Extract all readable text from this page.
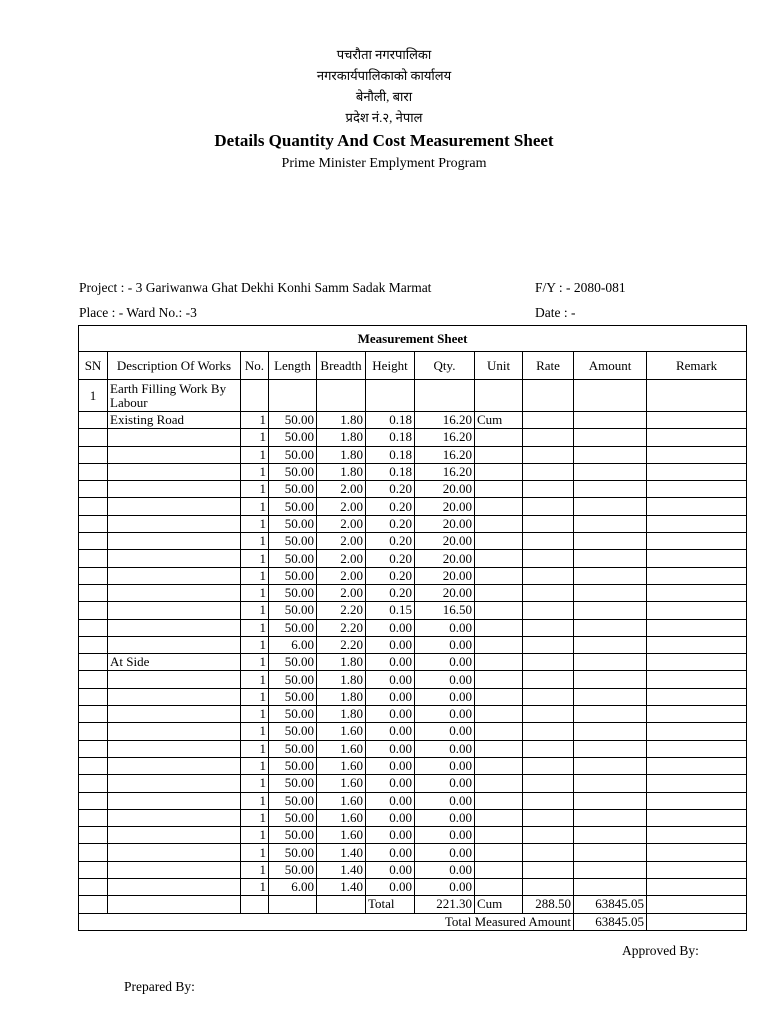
पचरौता नगरपालिका
नगरकार्यपालिकाको कार्यालय
बेनौली, बारा
प्रदेश नं.२, नेपाल
Details Quantity And Cost Measurement Sheet
Prime Minister Emplyment Program
Project : - 3 Gariwanwa Ghat Dekhi Konhi Samm Sadak Marmat	F/Y : - 2080-081
Place : - Ward No.: -3	Date : -
Measurement Sheet										
SN	Description Of Works	No.	Length	Breadth	Height	Qty.	Unit	Rate	Amount	Remark
1	Earth Filling Work By Labour									
	Existing Road	1	50.00	1.80	0.18	16.20	Cum			
		1	50.00	1.80	0.18	16.20				
		1	50.00	1.80	0.18	16.20				
		1	50.00	1.80	0.18	16.20				
		1	50.00	2.00	0.20	20.00				
		1	50.00	2.00	0.20	20.00				
		1	50.00	2.00	0.20	20.00				
		1	50.00	2.00	0.20	20.00				
		1	50.00	2.00	0.20	20.00				
		1	50.00	2.00	0.20	20.00				
		1	50.00	2.00	0.20	20.00				
		1	50.00	2.20	0.15	16.50				
		1	50.00	2.20	0.00	0.00				
		1	6.00	2.20	0.00	0.00				
	At Side	1	50.00	1.80	0.00	0.00				
		1	50.00	1.80	0.00	0.00				
		1	50.00	1.80	0.00	0.00				
		1	50.00	1.80	0.00	0.00				
		1	50.00	1.60	0.00	0.00				
		1	50.00	1.60	0.00	0.00				
		1	50.00	1.60	0.00	0.00				
		1	50.00	1.60	0.00	0.00				
		1	50.00	1.60	0.00	0.00				
		1	50.00	1.60	0.00	0.00				
		1	50.00	1.60	0.00	0.00				
		1	50.00	1.40	0.00	0.00				
		1	50.00	1.40	0.00	0.00				
		1	6.00	1.40	0.00	0.00				
					Total	221.30	Cum	288.50	63845.05	
Total Measured Amount									63845.05	
Approved By:
Prepared By:
